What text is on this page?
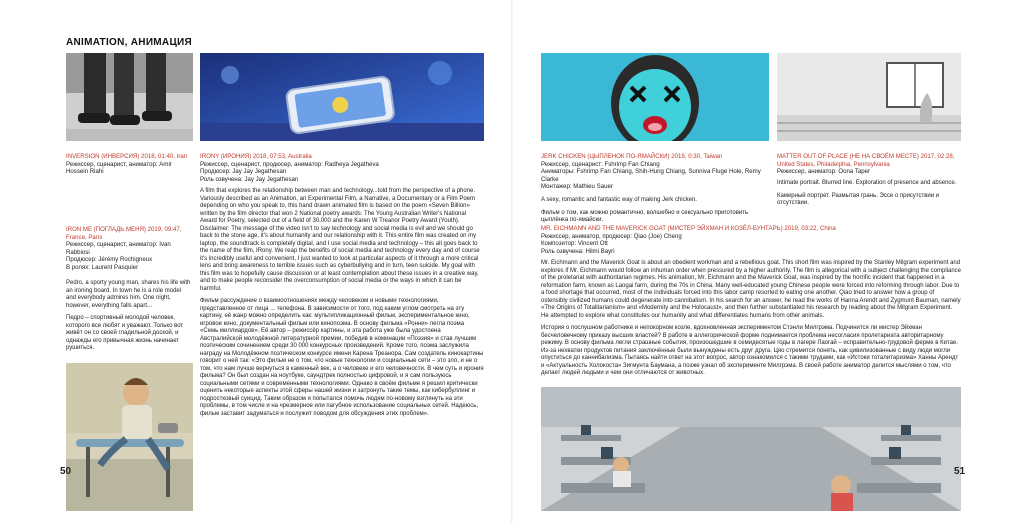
ANIMATION, АНИМАЦИЯ
INVERSION (ИНВЕРСИЯ) 2018, 01:40, Iran
Режиссер, сценарист, аниматор: Amir Hossein Riahi
IRON ME (ПОГЛАДЬ МЕНЯ) 2019, 09:47, France, Paris
Режиссер, сценарист, аниматор: Ivan Rabbiosi
Продюсер: Jérémy Rochigneux
В ролях: Laurent Pasquier

Pedro, a sporty young man, shares his life with an ironing board. In town he is a role model and everybody admires him. One night, however, everything falls apart...

Педро – спортивный молодой человек, которого все любят и уважают. Только вот живёт он со своей гладильной доской, и однажды его привычная жизнь начинает рушиться.

50
IRONY (ИРОНИЯ) 2018, 07:53, Australia
Режиссер, сценарист, продюсер, аниматор: Radheya Jegatheva
Продюсер: Jay Jay Jegathesan
Роль озвучена: Jay Jay Jegathesan

A film that explores the relationship between man and technology...told from the perspective of a phone. Variously described as an Animation, an Experimental Film, a Narrative, a Documentary or a Film Poem depending on who you speak to, this hand drawn animated film is based on the poem «Seven Billion» written by the film director that won 2 National poetry awards: The Young Australian Writer's National Award for Poetry, selected out of a field of 30,000 and the Karen W Treanor Poetry Award (Youth). Disclaimer: The message of the video isn't to say technology and social media is evil and we should go back to the stone age, it's about humanity and our relationship with it. This entire film was created on my laptop, the soundtrack is completely digital, and I use social media and technology – this all goes back to the name of the film, IRony. We reap the benefits of social media and technology every day and of course it's incredibly useful and convenient, I just wanted to look at particular aspects of it through a more critical lens and bring awareness to terrible issues such as cyberbullying and in turn, teen suicide. My goal with this film was to hopefully cause discussion or at least contemplation about these issues in a creative way, and to make people reconsider the overconsumption of social media or the ways in which it can be harmful.

Фильм рассуждение о взаимоотношениях между человеком и новыми технологиями, представленное от лица ... телефона. В зависимости от того, под каким углом смотреть на эту картину, её жанр можно определить как: мультипликационный фильм, экспериментальное кино, игровое кино, документальный фильм или кинопоэма. В основу фильма «Ронни» легла поэма «Семь миллиардов». Её автор – режиссёр картины, и эта работа уже была удостоена Австралийской молодёжной литературной премии, победив в номинации «Поэзия» и став лучшим поэтическим сочинением среди 30 000 конкурсных произведений. Кроме того, поэма заслужила награду на Молодёжном поэтическом конкурсе имени Карена Треанора. Сам создатель кинокартины говорит о ней так: «Это фильм не о том, что новые технологии и социальные сети – это зло, и не о том, что нам лучше вернуться в каменный век, а о человеке и его человечности. В чем суть и ирония фильма? Он был создан на ноутбуке, саундтрек полностью цифровой, и я сам пользуюсь социальными сетями и современными технологиями. Однако в своём фильме я решил критически оценить некоторые аспекты этой сферы нашей жизни и затронуть такие темы, как кибербуллинг и подростковый суицид. Таким образом я попытался помочь людям по-новому взглянуть на эти проблемы, в том числе и на чрезмерное или пагубное использование социальных сетей. Надеюсь, фильм заставит задуматься и послужит поводом для обсуждения этих проблем».

JERK CHICKEN (ЦЫПЛЕНОК ПО-ЯМАЙСКИ) 2019, 0:30, Taiwan
Режиссер, сценарист: Fshrimp Fan Chiang
Аниматоры: Fshrimp Fan Chiang, Shih-Hung Chiang, Sunniva Fluge Hole, Remy Clarke
Монтажер: Mathieu Sauer

A sexy, romantic and fantastic way of making Jerk chicken.

Фильм о том, как можно романтично, волшебно и сексуально приготовить цыплёнка по-ямайски.

MATTER OUT OF PLACE (НЕ НА СВОЁМ МЕСТЕ) 2017, 02:28, United States, Philadelphia, Pennsylvania
Режиссер, аниматор: Oona Taper

Intimate portrait. Blurred line. Exploration of presence and absence.

Камерный портрет. Размытая грань. Эссе о присутствии и отсутствии.

MR. EICHMANN AND THE MAVERICK GOAT (МИСТЕР ЭЙХМАН И КОЗЁЛ-БУНТАРЬ) 2019, 03:22, China
Режиссер, аниматор, продюсер: Qiao (Joe) Cheng
Композитор: Vincent Ott
Роль озвучена: Hilmi Bayri

Mr. Eichmann and the Maverick Goat is about an obedient workman and a rebellious goat. This short film was inspired by the Stanley Milgram experiment and explores if Mr. Eichmann would follow an inhuman order when pressured by a higher authority. The film is allegorical with a subject challenging the compliance of the proletariat with authoritarian regimes. His animation, Mr. Eichmann and the Maverick Goat, was inspired by the horrific incident that happened in a reformation farm, known as Laogai farm, during the 70s in China. Many well-educated young Chinese people were forced into reforming through labor. Due to a food shortage that occurred, most of the individuals forced into this labor camp resorted to eating one another. Qiao tried to answer how a group of ostensibly civilized humans could degenerate into cannibalism. In his search for an answer, he read the works of Hanna Arendt and Zygmunt Bauman, namely «The Origins of Totalitarianism» and «Modernity and the Holocaust», and then further substantiated his research by reading about the Milgram Experiment. He attempted to explore what constitutes our humanity and what differentiates humans from other animals.

История о послушном работнике и непокорном козле, вдохновленная экспериментом Стэнли Милгрэма. Подчинится ли мистер Эйхман бесчеловечному приказу высших властей? В работе в аллегорической форме поднимается проблема несогласия пролетариата авторитарному режиму. В основу фильма легли страшные события, произошедшие в семидесятые годы в лагере Лаогай – исправительно-трудовой ферме в Китае. Из-за нехватки продуктов питания заключённые были вынуждены есть друг друга. Цяо стремится понять, как цивилизованные с виду люди могли опуститься до каннибализма. Пытаясь найти ответ на этот вопрос, автор ознакомился с такими трудами, как «Истоки тоталитаризма» Ханны Арендт и «Актуальность Холокоста» Зигмунта Баумана, а позже узнал об эксперименте Милгрэма. В своей работе аниматор делится мыслями о том, что делает людей людьми и чем они отличаются от животных.

51
